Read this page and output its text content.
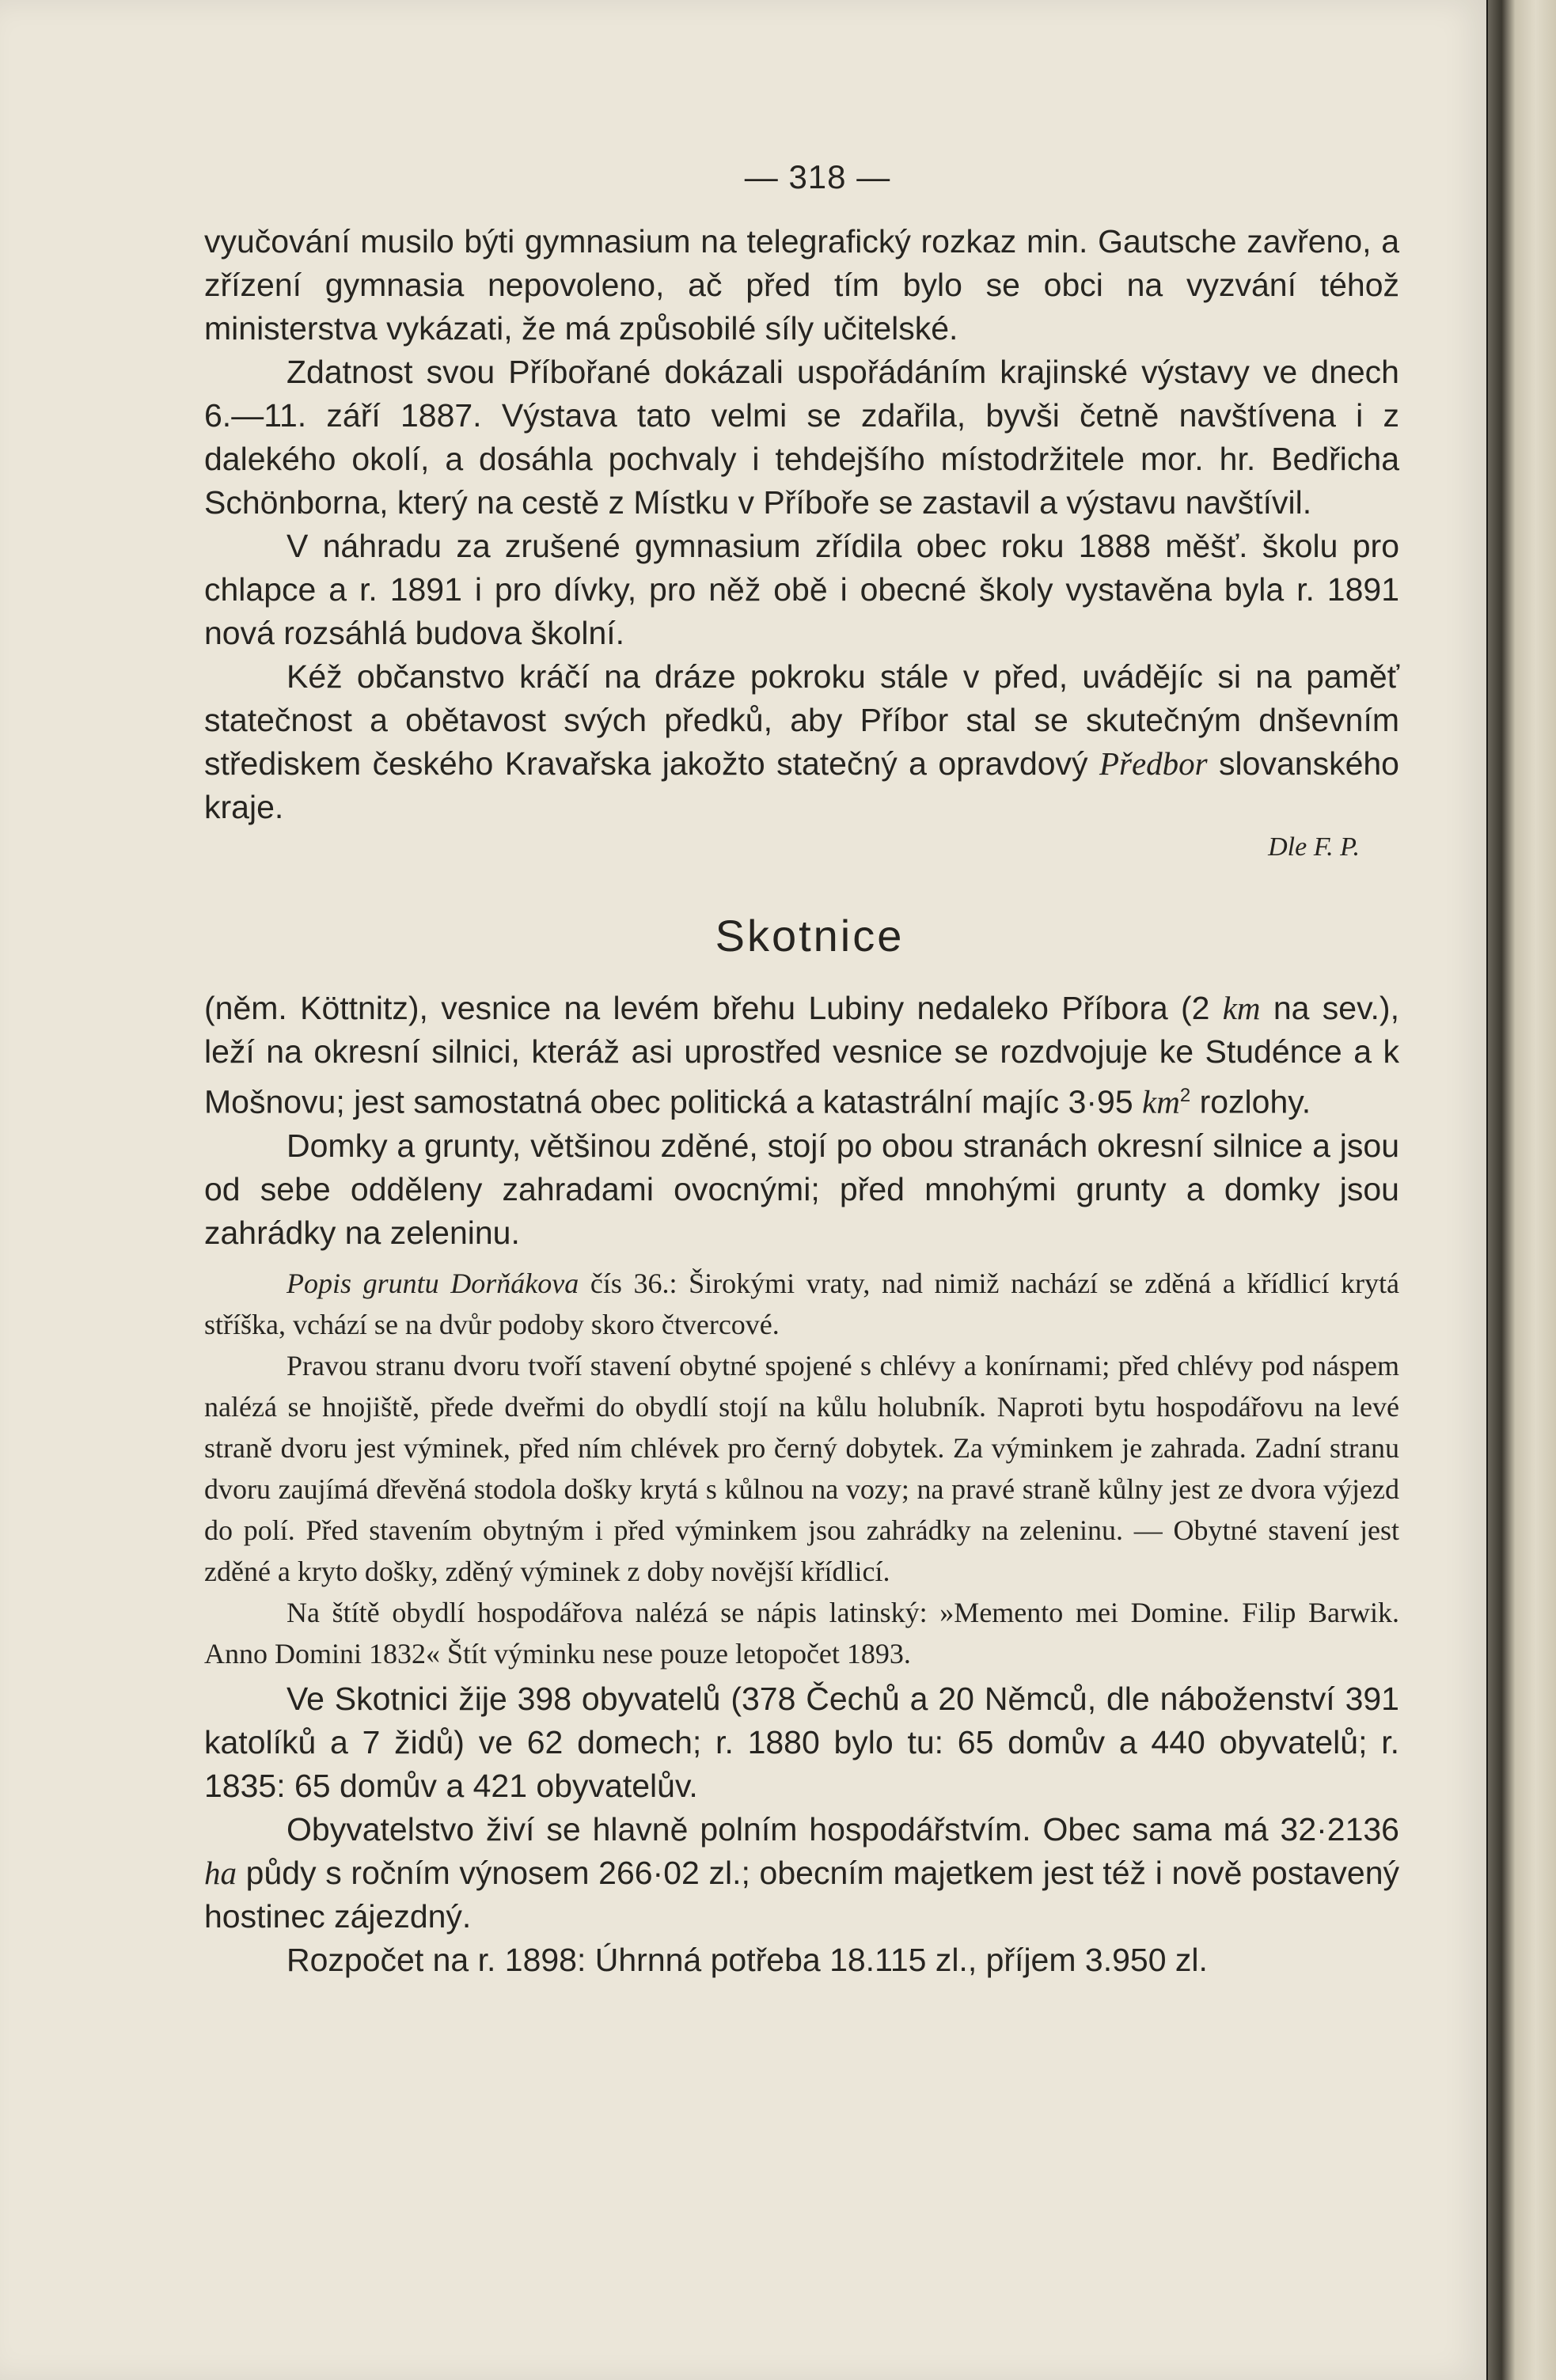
— 318 —

vyučování musilo býti gymnasium na telegrafický rozkaz min. Gautsche zavřeno, a zřízení gymnasia nepovoleno, ač před tím bylo se obci na vyzvání téhož ministerstva vykázati, že má způsobilé síly učitelské.

Zdatnost svou Příbořané dokázali uspořádáním krajinské výstavy ve dnech 6.—11. září 1887. Výstava tato velmi se zdařila, byvši četně navštívena i z dalekého okolí, a dosáhla pochvaly i tehdejšího místodržitele mor. hr. Bedřicha Schönborna, který na cestě z Místku v Příboře se zastavil a výstavu navštívil.

V náhradu za zrušené gymnasium zřídila obec roku 1888 měšť. školu pro chlapce a r. 1891 i pro dívky, pro něž obě i obecné školy vystavěna byla r. 1891 nová rozsáhlá budova školní.

Kéž občanstvo kráčí na dráze pokroku stále v před, uvádějíc si na paměť statečnost a obětavost svých předků, aby Příbor stal se skutečným dnševním střediskem českého Kravařska jakožto statečný a opravdový Předbor slovanského kraje.

Dle F. P.
Skotnice

(něm. Köttnitz), vesnice na levém břehu Lubiny nedaleko Příbora (2 km na sev.), leží na okresní silnici, kteráž asi uprostřed vesnice se rozdvojuje ke Studénce a k Mošnovu; jest samostatná obec politická a katastrální majíc 3·95 $km^2$ rozlohy.

Domky a grunty, většinou zděné, stojí po obou stranách okresní silnice a jsou od sebe odděleny zahradami ovocnými; před mnohými grunty a domky jsou zahrádky na zeleninu.

Popis gruntu Dorňákova čís 36.: Širokými vraty, nad nimiž nachází se zděná a křídlicí krytá stříška, vchází se na dvůr podoby skoro čtvercové.

Pravou stranu dvoru tvoří stavení obytné spojené s chlévy a konírnami; před chlévy pod náspem nalézá se hnojiště, přede dveřmi do obydlí stojí na kůlu holubník. Naproti bytu hospodářovu na levé straně dvoru jest výminek, před ním chlévek pro černý dobytek. Za výminkem je zahrada. Zadní stranu dvoru zaujímá dřevěná stodola došky krytá s kůlnou na vozy; na pravé straně kůlny jest ze dvora výjezd do polí. Před stavením obytným i před výminkem jsou zahrádky na zeleninu. — Obytné stavení jest zděné a kryto došky, zděný výminek z doby novější křídlicí.

Na štítě obydlí hospodářova nalézá se nápis latinský: »Memento mei Domine. Filip Barwik. Anno Domini 1832« Štít výminku nese pouze letopočet 1893.

Ve Skotnici žije 398 obyvatelů (378 Čechů a 20 Němců, dle náboženství 391 katolíků a 7 židů) ve 62 domech; r. 1880 bylo tu: 65 domův a 440 obyvatelů; r. 1835: 65 domův a 421 obyvatelův.

Obyvatelstvo živí se hlavně polním hospodářstvím. Obec sama má 32·2136 ha půdy s ročním výnosem 266·02 zl.; obecním majetkem jest též i nově postavený hostinec zájezdný.

Rozpočet na r. 1898: Úhrnná potřeba 18.115 zl., příjem 3.950 zl.
